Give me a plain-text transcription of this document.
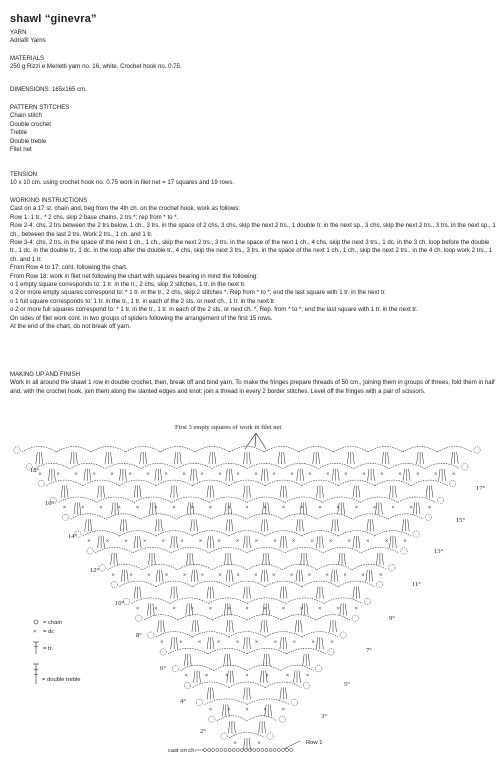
shawl “ginevra”

YARN

Adriafil Yarns

MATERIALS

250 g Rizzi e Merletti yarn no. 16, white. Crochet hook no. 0.75.

DIMENSIONS: 165x165 cm.

PATTERN STITCHES

Chain stitch

Double crochet

Treble

Double treble

Filet net

TENSION

10 x 10 cm. using crochet hook no. 0.75 work in filet net = 17 squares and 19 rows.

WORKING INSTRUCTIONS

Cast on a 17 st. chain and, beg from the 4th ch. on the crochet hook, work as follows:

Row 1: 1 tr., * 2 chs, skip 2 base chains, 2 trs *; rep from * to *.

Row 2-4: chs, 2 trs between the 2 trs below, 1 ch., 3 trs. in the space of 2 chs, 3 chs, skip the next 2 trs., 1 double tr. in the next sp., 3 chs, skip the next 2 trs., 3 trs. in the next sp., 1 ch., between the last 2 trs. Work 2 trs., 1 ch. and 1 tr.

Row 3-4: chs, 2 trs. in the space of the next 1 ch., 1 ch., skip the next 2 trs., 3 trs. in the space of the next 1 ch., 4 chs, skip the next 3 trs., 1 dc. in the 3 ch. loop before the double tr., 1 dc. in the double tr., 1 dc. in the loop after the double tr., 4 chs, skip the next 3 trs., 3 trs. in the space of the next 1 ch., 1 ch., skip the next 2 trs., in the 4 ch. loop work 2 trs., 1 ch. and 1 tr.

From Row 4 to 17: cont. following the chart.

From Row 18: work in filet net following the chart with squares bearing in mind the following:

o 1 empty square corresponds to: 1 tr. in the tr., 2 chs, skip 2 stitches, 1 tr. in the next tr.

o 2 or more empty squares correspond to: * 1 tr. in the tr., 2 chs, skip 2 stitches *, Rep from * to *; end the last square with 1 tr. in the next tr.

o 1 full square corresponds to: 1 tr. in the tr., 1 tr. in each of the 2 sts. or next ch., 1 tr. in the next tr.

o 2 or more full squares correspond to: * 1 tr. in the tr., 1 tr. in each of the 2 sts. or next ch. *, Rep. from * to *; end the last square with 1 tr. in the next tr.

On sides of filet work cont. in two groups of spiders following the arrangement of the first 15 rows.

At the end of the chart, do not break off yarn.

MAKING UP AND FINISH

Work in all around the shawl 1 row in double crochet, then, break off and bind yarn. To make the fringes prepare threads of 50 cm., joining them in groups of threes, fold them in half and, with the crochet hook, join them along the slanted edges and knot: join a thread in every 2 border stitches. Level off the fringes with a pair of scissors.

First 3 empty squares of work in filet net
×	×
×	×	×	×	×
×	×	×	×	×	×	×
×	×	×	×	×	×	×	×	×	×
×	×	×	×	×	×	×	×	×	×	×	×	×
×	×	×	×	×	×	×	×	×	×	×	×	×	×	×	×
×	×	×	×	×	×	×	×	×	×	×	×	×	×	×	×	×	×
×	×	×	×	×	×	×	×	×	×	×	×	×	×	×	×	×	×	×	×	×
×	×	×	×	×	×	×	×	×	×	×	×	×	×	×	×	×	×	×	×	×	×	×	×
18°
16°
14°
12°
10°
8°
6°
4°
2°
17°
15°
13°
11°
9°
7°
5°
3°
cast on ch.
Row 1
= chain
× = dc
= tr.
= double treble
